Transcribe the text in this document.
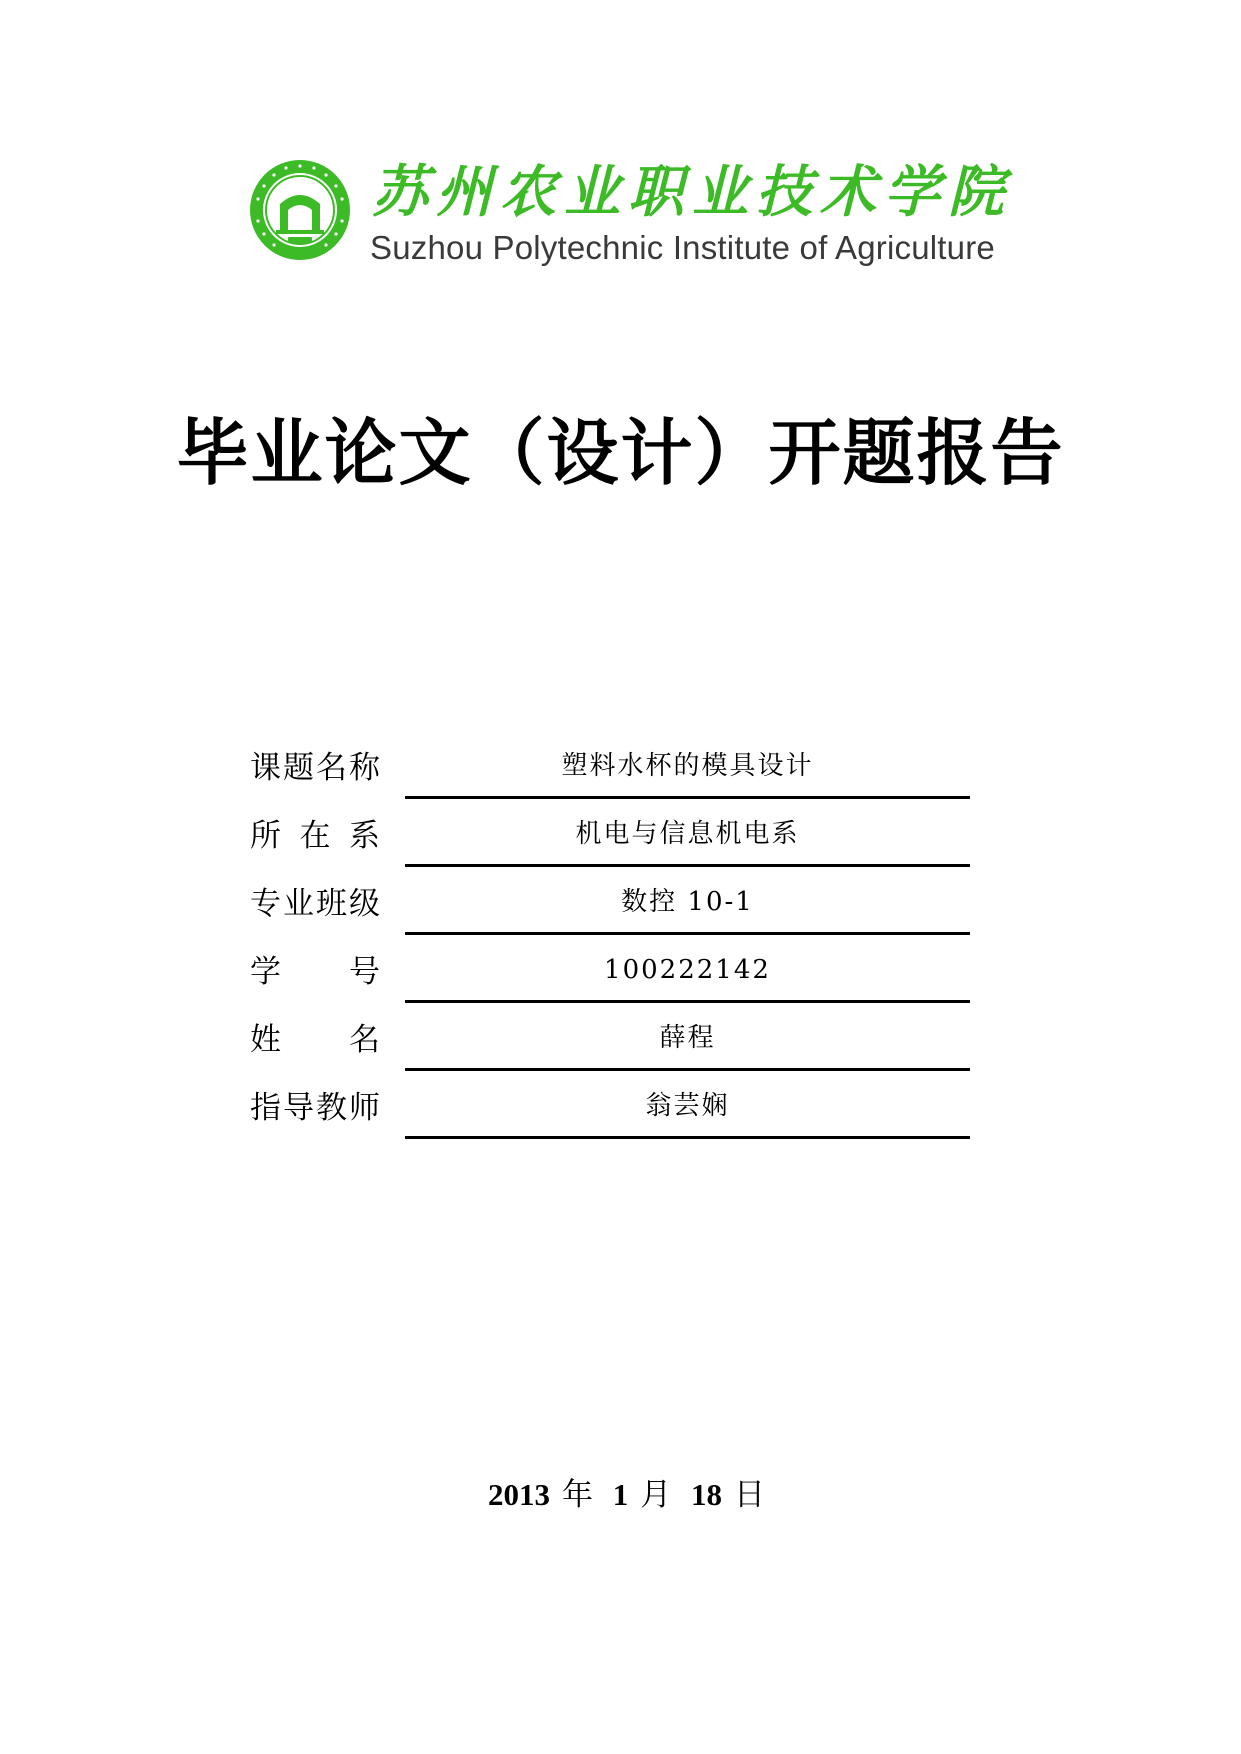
苏州农业职业技术学院
Suzhou Polytechnic Institute of Agriculture
毕业论文（设计）开题报告
课题名称	塑料水杯的模具设计
所在系	机电与信息机电系
专业班级	数控 10-1
学号	100222142
姓名	薛程
指导教师	翁芸娴
2013 年 1 月 18 日
